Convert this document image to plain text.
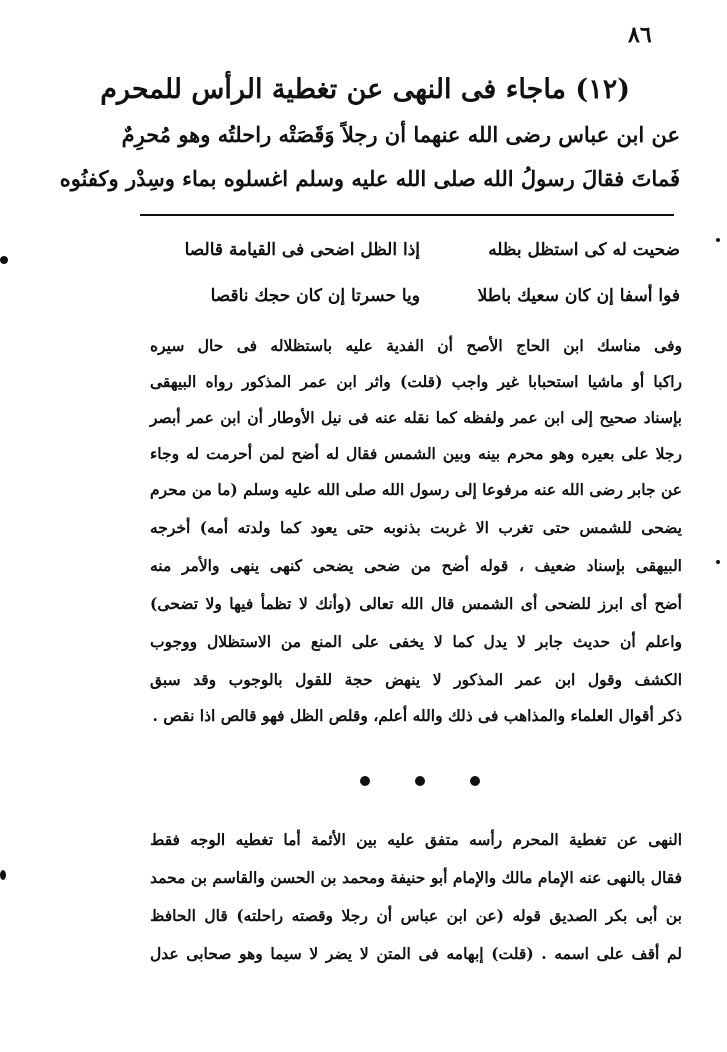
٨٦
(١٢) ماجاء فى النهى عن تغطية الرأس للمحرم
عن ابن عباس رضى الله عنهما أن رجلاً وَقَصَتْه راحلتُه وهو مُحرِمٌ
فَماتَ فقالَ رسولُ الله صلى الله عليه وسلم اغسلوه بماء وسِدْر وكفنُوه
ضحيت له كى استظل بظله
إذا الظل اضحى فى القيامة قالصا
فوا أسفا إن كان سعيك باطلا
ويا حسرتا إن كان حجك ناقصا
وفى مناسك ابن الحاج الأصح أن الفدية عليه باستظلاله فى حال سيره
راكبا أو ماشيا استحبابا غير واجب (قلت) واثر ابن عمر المذكور رواه البيهقى
بإسناد صحيح إلى ابن عمر ولفظه كما نقله عنه فى نيل الأوطار أن ابن عمر أبصر
رجلا على بعيره وهو محرم بينه وبين الشمس فقال له أضح لمن أحرمت له وجاء
عن جابر رضى الله عنه مرفوعا إلى رسول الله صلى الله عليه وسلم (ما من محرم
يضحى للشمس حتى تغرب الا غربت بذنوبه حتى يعود كما ولدته أمه) أخرجه
البيهقى بإسناد ضعيف ، قوله أضح من ضحى يضحى كنهى ينهى والأمر منه
أضح أى ابرز للضحى أى الشمس قال الله تعالى (وأنك لا تظمأ فيها ولا تضحى)
واعلم أن حديث جابر لا يدل كما لا يخفى على المنع من الاستظلال ووجوب
الكشف وقول ابن عمر المذكور لا ينهض حجة للقول بالوجوب وقد سبق
ذكر أقوال العلماء والمذاهب فى ذلك والله أعلم، وقلص الظل فهو قالص اذا نقص .
النهى عن تغطية المحرم رأسه متفق عليه بين الأئمة أما تغطيه الوجه فقط
فقال بالنهى عنه الإمام مالك والإمام أبو حنيفة ومحمد بن الحسن والقاسم بن محمد
بن أبى بكر الصديق قوله (عن ابن عباس أن رجلا وقصته راحلته) قال الحافظ
لم أقف على اسمه . (قلت) إبهامه فى المتن لا يضر لا سيما وهو صحابى عدل
